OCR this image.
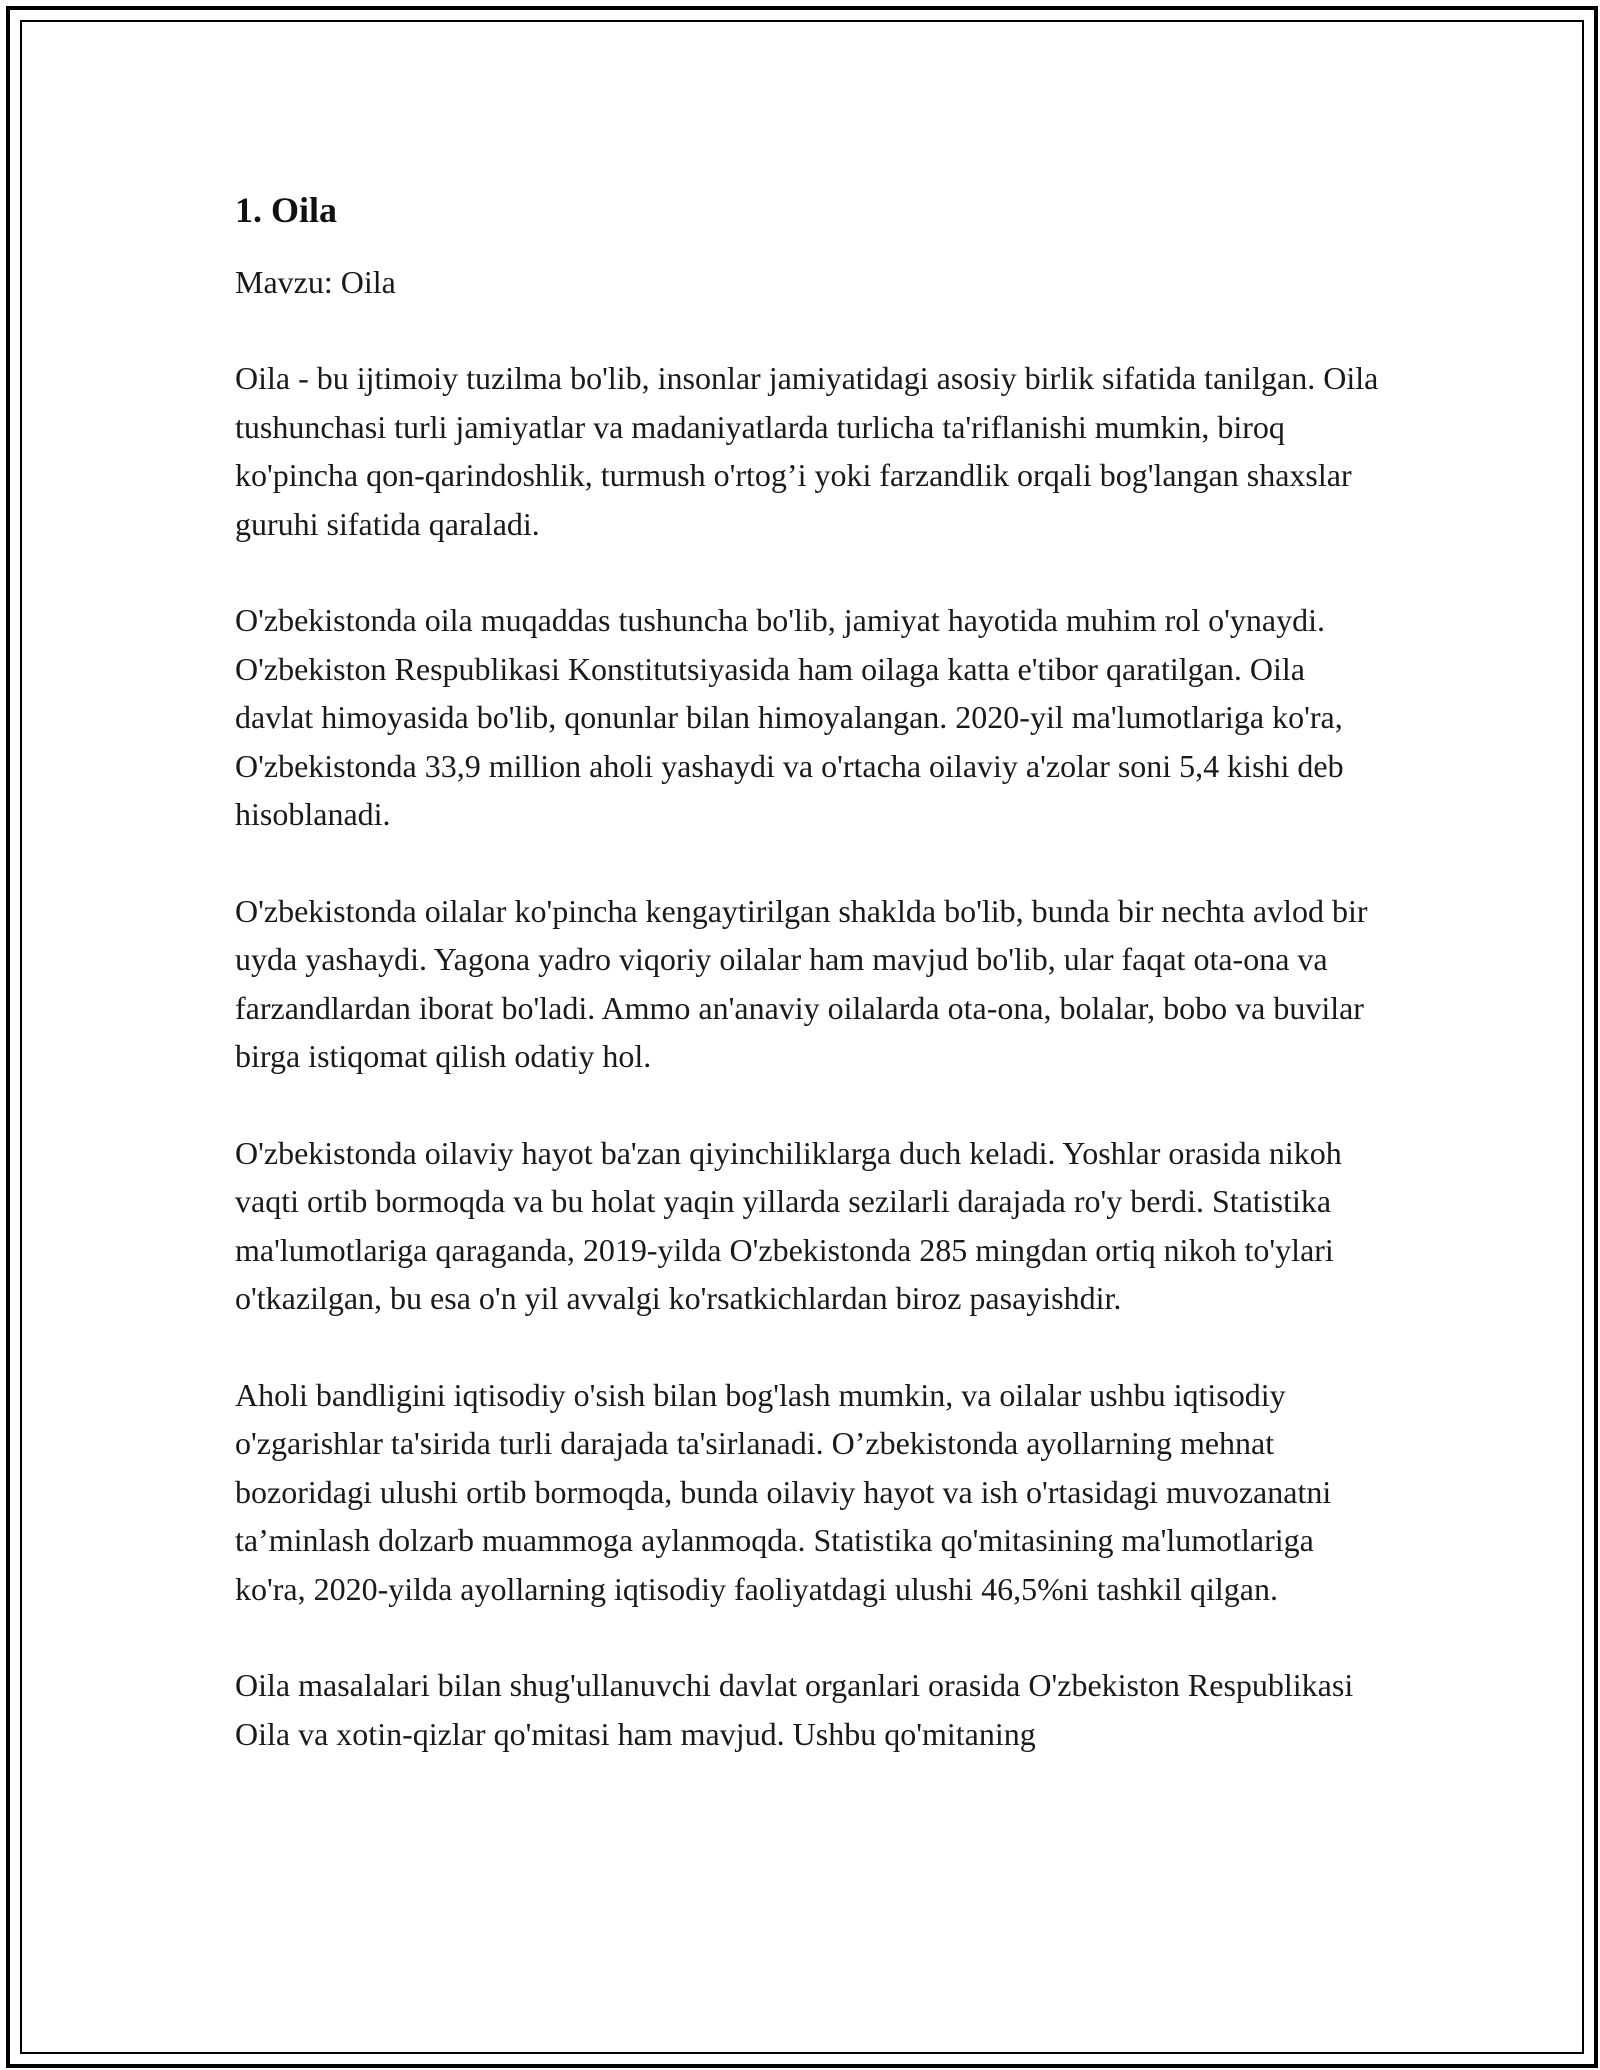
1. Oila

Mavzu: Oila

Oila - bu ijtimoiy tuzilma bo'lib, insonlar jamiyatidagi asosiy birlik sifatida tanilgan. Oila tushunchasi turli jamiyatlar va madaniyatlarda turlicha ta'riflanishi mumkin, biroq ko'pincha qon-qarindoshlik, turmush o'rtog’i yoki farzandlik orqali bog'langan shaxslar guruhi sifatida qaraladi.

O'zbekistonda oila muqaddas tushuncha bo'lib, jamiyat hayotida muhim rol o'ynaydi. O'zbekiston Respublikasi Konstitutsiyasida ham oilaga katta e'tibor qaratilgan. Oila davlat himoyasida bo'lib, qonunlar bilan himoyalangan. 2020-yil ma'lumotlariga ko'ra, O'zbekistonda 33,9 million aholi yashaydi va o'rtacha oilaviy a'zolar soni 5,4 kishi deb hisoblanadi.

O'zbekistonda oilalar ko'pincha kengaytirilgan shaklda bo'lib, bunda bir nechta avlod bir uyda yashaydi. Yagona yadro viqoriy oilalar ham mavjud bo'lib, ular faqat ota-ona va farzandlardan iborat bo'ladi. Ammo an'anaviy oilalarda ota-ona, bolalar, bobo va buvilar birga istiqomat qilish odatiy hol.

O'zbekistonda oilaviy hayot ba'zan qiyinchiliklarga duch keladi. Yoshlar orasida nikoh vaqti ortib bormoqda va bu holat yaqin yillarda sezilarli darajada ro'y berdi. Statistika ma'lumotlariga qaraganda, 2019-yilda O'zbekistonda 285 mingdan ortiq nikoh to'ylari o'tkazilgan, bu esa o'n yil avvalgi ko'rsatkichlardan biroz pasayishdir.

Aholi bandligini iqtisodiy o'sish bilan bog'lash mumkin, va oilalar ushbu iqtisodiy o'zgarishlar ta'sirida turli darajada ta'sirlanadi. O’zbekistonda ayollarning mehnat bozoridagi ulushi ortib bormoqda, bunda oilaviy hayot va ish o'rtasidagi muvozanatni ta’minlash dolzarb muammoga aylanmoqda. Statistika qo'mitasining ma'lumotlariga ko'ra, 2020-yilda ayollarning iqtisodiy faoliyatdagi ulushi 46,5%ni tashkil qilgan.

Oila masalalari bilan shug'ullanuvchi davlat organlari orasida O'zbekiston Respublikasi Oila va xotin-qizlar qo'mitasi ham mavjud. Ushbu qo'mitaning
